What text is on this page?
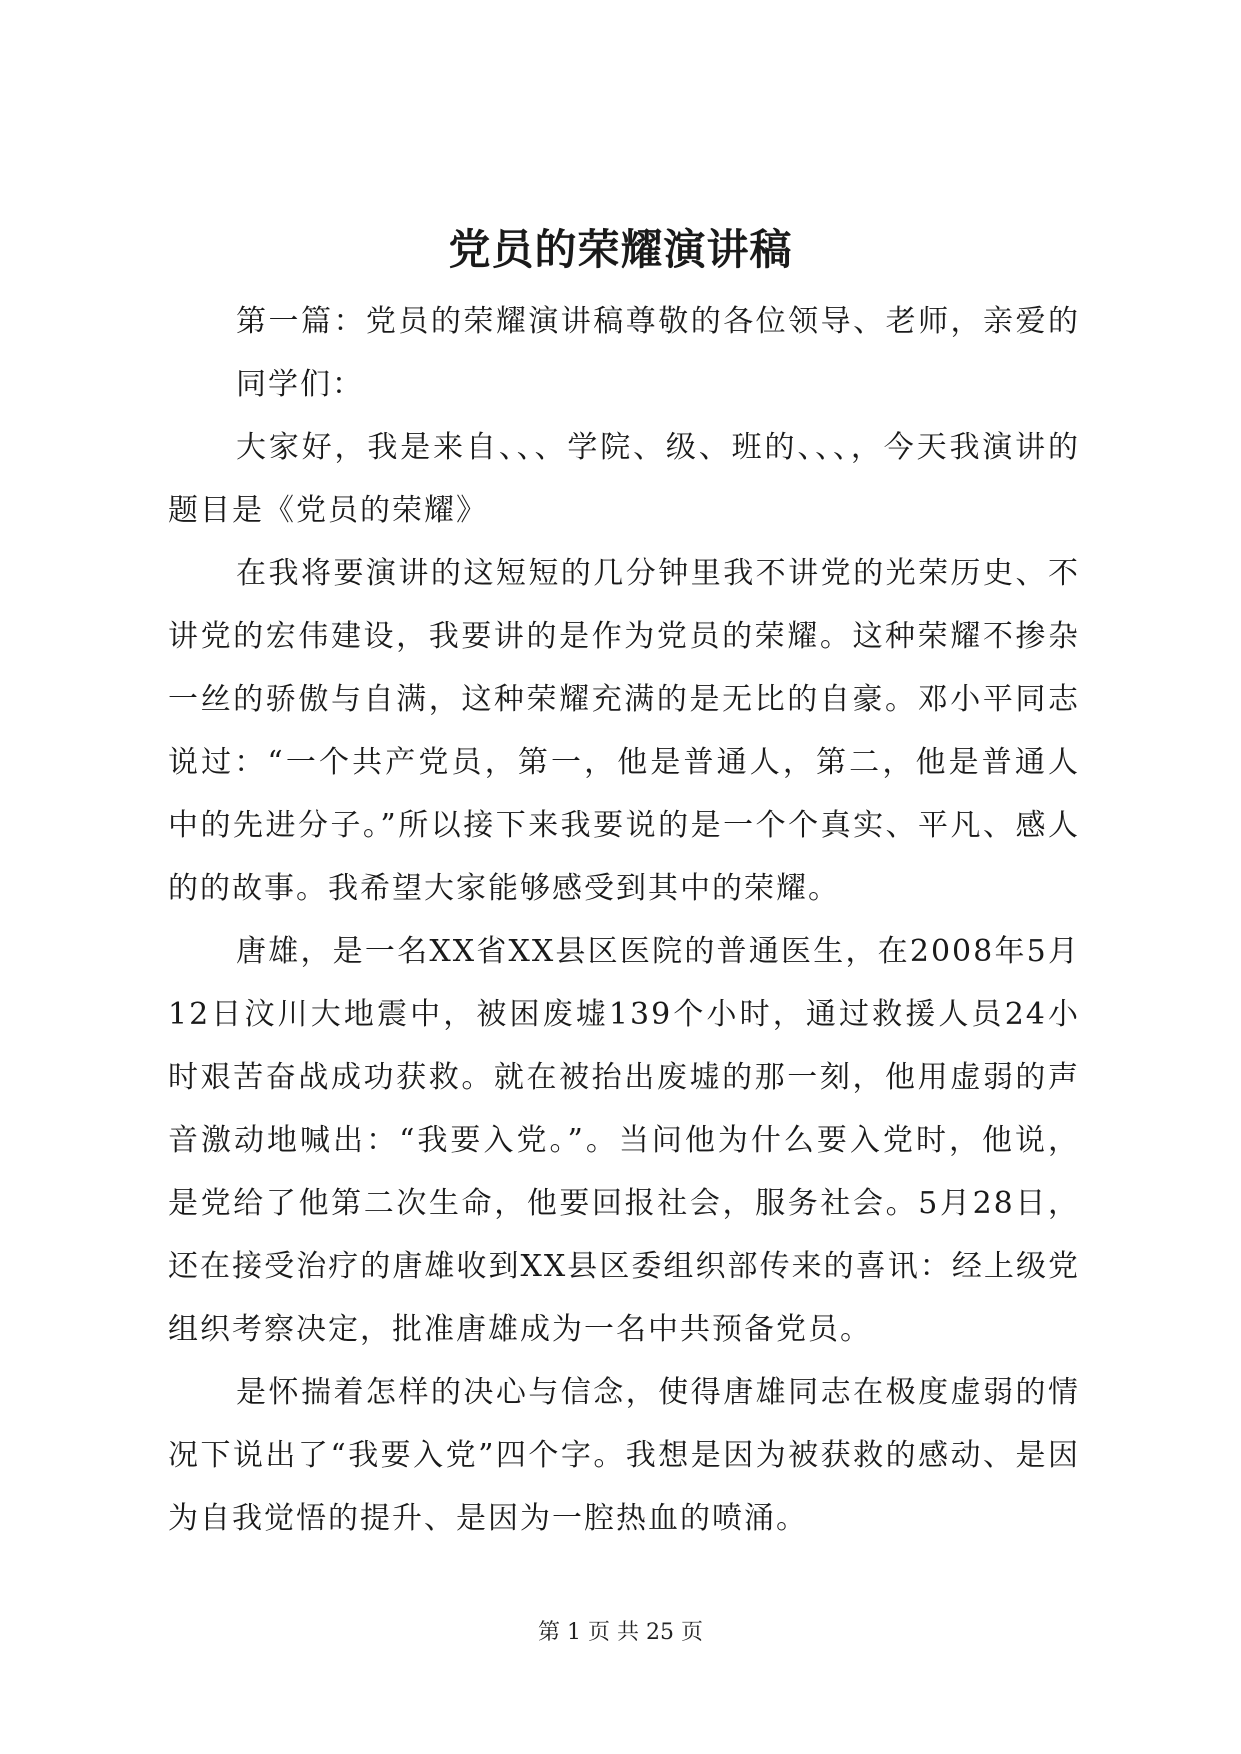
党员的荣耀演讲稿

第一篇：党员的荣耀演讲稿尊敬的各位领导、老师，亲爱的同学们：

大家好，我是来自、、、学院、级、班的、、、，今天我演讲的题目是《党员的荣耀》

在我将要演讲的这短短的几分钟里我不讲党的光荣历史、不讲党的宏伟建设，我要讲的是作为党员的荣耀。这种荣耀不掺杂一丝的骄傲与自满，这种荣耀充满的是无比的自豪。邓小平同志说过：“一个共产党员，第一，他是普通人，第二，他是普通人中的先进分子。”所以接下来我要说的是一个个真实、平凡、感人的的故事。我希望大家能够感受到其中的荣耀。

唐雄，是一名XX省XX县区医院的普通医生，在2008年5月12日汶川大地震中，被困废墟139个小时，通过救援人员24小时艰苦奋战成功获救。就在被抬出废墟的那一刻，他用虚弱的声音激动地喊出：“我要入党。”。当问他为什么要入党时，他说，是党给了他第二次生命，他要回报社会，服务社会。5月28日，还在接受治疗的唐雄收到XX县区委组织部传来的喜讯：经上级党组织考察决定，批准唐雄成为一名中共预备党员。

是怀揣着怎样的决心与信念，使得唐雄同志在极度虚弱的情况下说出了“我要入党”四个字。我想是因为被获救的感动、是因为自我觉悟的提升、是因为一腔热血的喷涌。

第 1 页 共 25 页
